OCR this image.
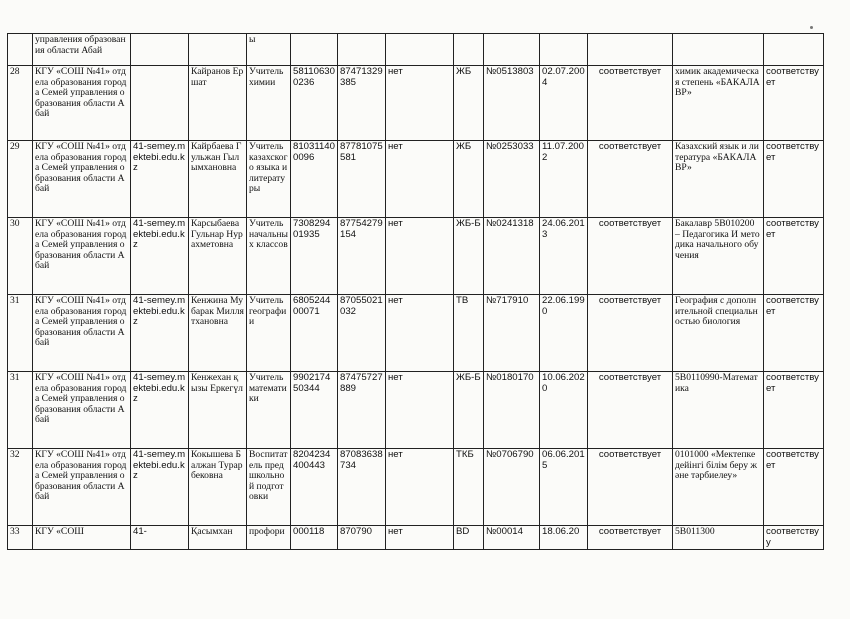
	управления образования области Абай			ы									
28	КГУ «СОШ №41» отдела образования города Семей управления образования области Абай		Кайранов Ершат	Учитель химии	581106300236	87471329385	нет	ЖБ	№0513803	02.07.2004	соответствует	химик академическая степень «БАКАЛАВР»	соответствует
29	КГУ «СОШ №41» отдела образования города Семей управления образования области Абай	41-semey.mektebi.edu.kz	Кайрбаева Гульжан Гылымхановна	Учитель казахского языка и литературы	810311400096	87781075581	нет	ЖБ	№0253033	11.07.2002	соответствует	Казахский язык и литература «БАКАЛАВР»	соответствует
30	КГУ «СОШ №41» отдела образования города Семей управления образования области Абай	41-semey.mektebi.edu.kz	Карсыбаева Гульнар Нурахметовна	Учитель начальных классов	730829401935	87754279154	нет	ЖБ-Б	№0241318	24.06.2013	соответствует	Бакалавр 5В010200 – Педагогика И методика начального обучения	соответствует
31	КГУ «СОШ №41» отдела образования города Семей управления образования области Абай	41-semey.mektebi.edu.kz	Кенжина Мубарак Миллятхановна	Учитель географии	680524400071	87055021032	нет	ТВ	№717910	22.06.1990	соответствует	География с дополнительной специальностью биология	соответствует
31	КГУ «СОШ №41» отдела образования города Семей управления образования области Абай	41-semey.mektebi.edu.kz	Кенжехан қызы Еркегүл	Учитель математики	990217450344	87475727889	нет	ЖБ-Б	№0180170	10.06.2020	соответствует	5В0110990-Математика	соответствует
32	КГУ «СОШ №41» отдела образования города Семей управления образования области Абай	41-semey.mektebi.edu.kz	Кокышева Балжан Турарбековна	Воспитатель предшкольной подготовки	8204234400443	87083638734	нет	ТКБ	№0706790	06.06.2015	соответствует	0101000 «Мектепке дейінгі білім беру және тәрбиелеу»	соответствует
33	КГУ «СОШ	41-	Қасымхан	профори	000118	870790	нет	BD	№00014	18.06.20	соответствует	5В011300	соответствуу
